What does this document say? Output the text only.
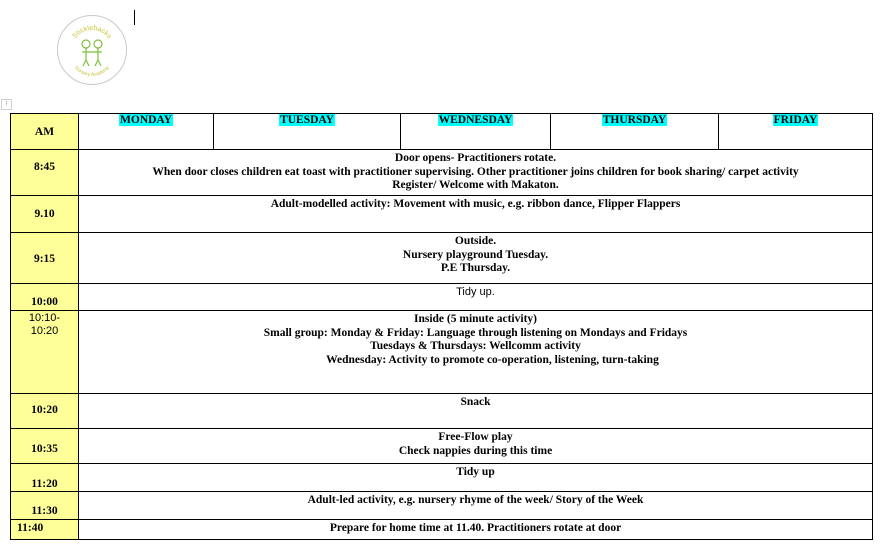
Sticklebacks
Nursery Academy
⁝
AM	MONDAY	TUESDAY	WEDNESDAY	THURSDAY	FRIDAY

8:45	Door opens- Practitioners rotate.
When door closes children eat toast with practitioner supervising. Other practitioner joins children for book sharing/ carpet activity
Register/ Welcome with Makaton.				

9.10	Adult-modelled activity: Movement with music, e.g. ribbon dance, Flipper Flappers				

9:15	Outside.
Nursery playground Tuesday.
P.E Thursday.				

10:00	Tidy up.				

10:10-
10:20	Inside (5 minute activity)
Small group: Monday & Friday: Language through listening on Mondays and Fridays
Tuesdays & Thursdays: Wellcomm activity
Wednesday: Activity to promote co-operation, listening, turn-taking				

10:20	Snack				

10:35	Free-Flow play
Check nappies during this time				

11:20	Tidy up				

11:30	Adult-led activity, e.g. nursery rhyme of the week/ Story of the Week				

11:40	Prepare for home time at 11.40. Practitioners rotate at door				
